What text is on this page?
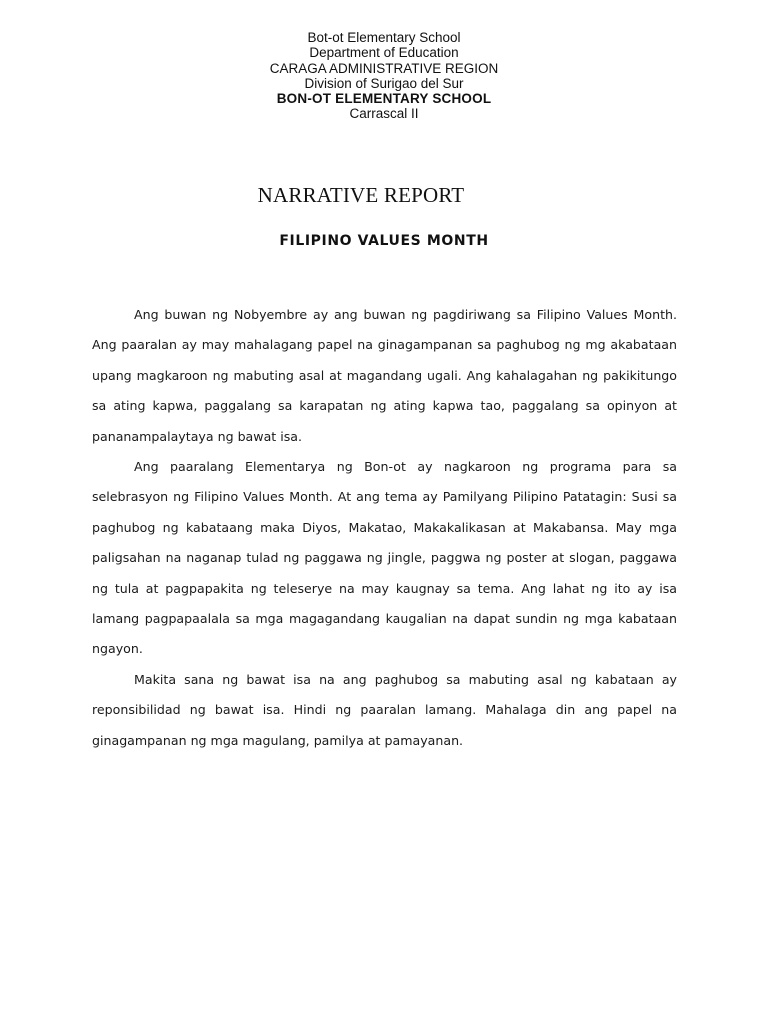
Bot-ot Elementary School
Department of Education
CARAGA ADMINISTRATIVE REGION
Division of Surigao del Sur
BON-OT ELEMENTARY SCHOOL
Carrascal II
NARRATIVE REPORT
FILIPINO VALUES MONTH

Ang buwan ng Nobyembre ay ang buwan ng pagdiriwang sa Filipino Values Month. Ang paaralan ay may mahalagang papel na ginagampanan sa paghubog ng mg akabataan upang magkaroon ng mabuting asal at magandang ugali. Ang kahalagahan ng pakikitungo sa ating kapwa, paggalang sa karapatan ng ating kapwa tao, paggalang sa opinyon at pananampalaytaya ng bawat isa.

Ang paaralang Elementarya ng Bon-ot ay nagkaroon ng programa para sa selebrasyon ng Filipino Values Month. At ang tema ay Pamilyang Pilipino Patatagin: Susi sa paghubog ng kabataang maka Diyos, Makatao, Makakalikasan at Makabansa. May mga paligsahan na naganap tulad ng paggawa ng jingle, paggwa ng poster at slogan, paggawa ng tula at pagpapakita ng teleserye na may kaugnay sa tema. Ang lahat ng ito ay isa lamang pagpapaalala sa mga magagandang kaugalian na dapat sundin ng mga kabataan ngayon.

Makita sana ng bawat isa na ang paghubog sa mabuting asal ng kabataan ay reponsibilidad ng bawat isa. Hindi ng paaralan lamang. Mahalaga din ang papel na ginagampanan ng mga magulang, pamilya at pamayanan.
